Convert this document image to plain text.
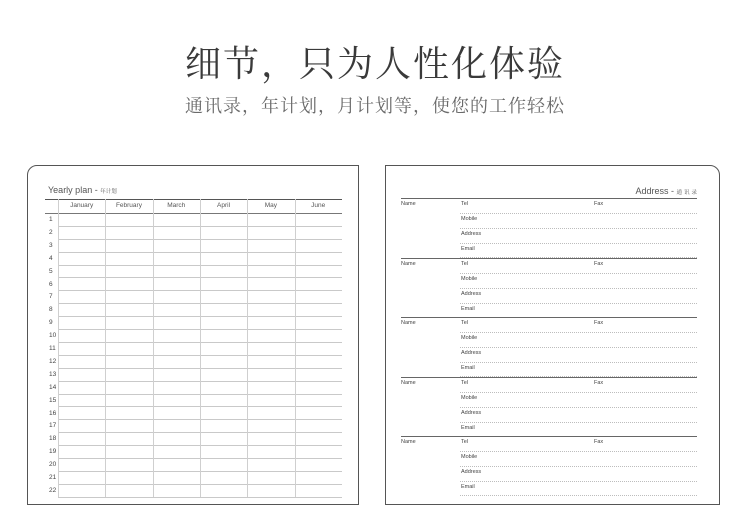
细节，只为人性化体验
通讯录，年计划，月计划等，使您的工作轻松
Yearly plan - 年计划
January	February	March	April	May	June
1
2
3
4
5
6
7
8
9
10
11
12
13
14
15
16
17
18
19
20
21
22
Address - 通讯录
Name	Tel	Fax
Mobile
Address
Email
Name	Tel	Fax
Mobile
Address
Email
Name	Tel	Fax
Mobile
Address
Email
Name	Tel	Fax
Mobile
Address
Email
Name	Tel	Fax
Mobile
Address
Email
